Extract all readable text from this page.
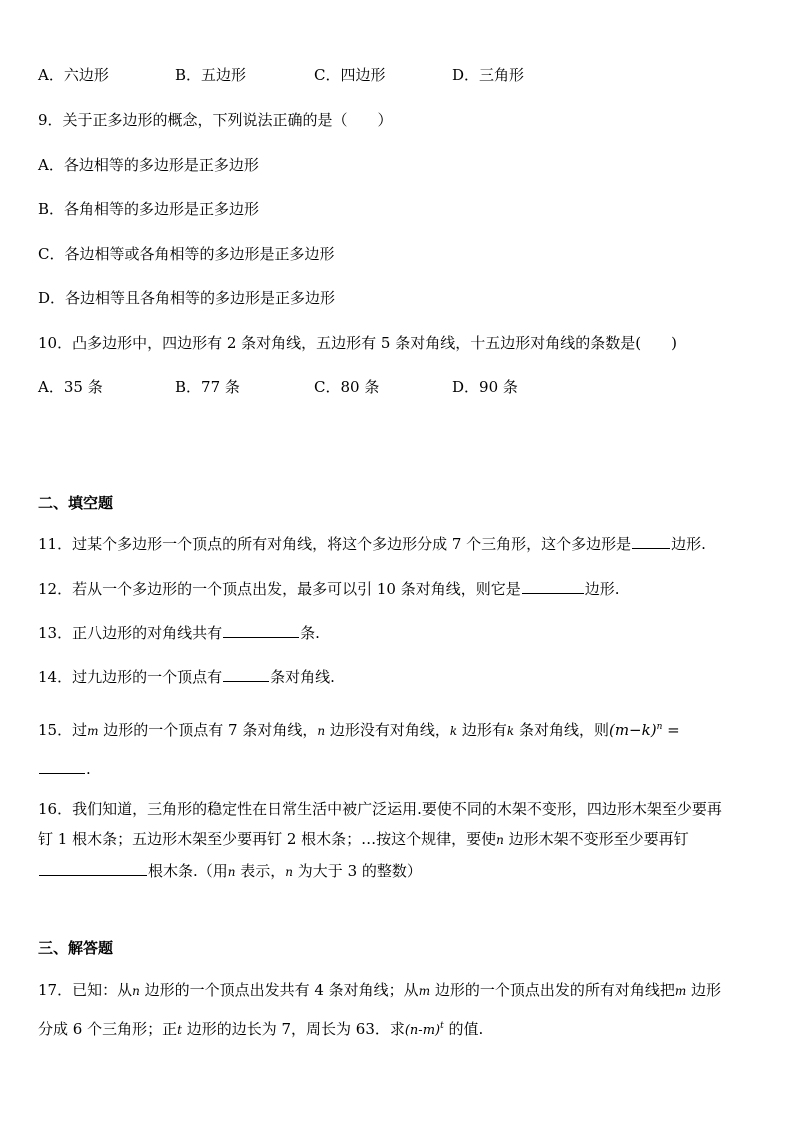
A．六边形	B．五边形	C．四边形	D．三角形
9．关于正多边形的概念，下列说法正确的是（　　）
A．各边相等的多边形是正多边形
B．各角相等的多边形是正多边形
C．各边相等或各角相等的多边形是正多边形
D．各边相等且各角相等的多边形是正多边形
10．凸多边形中，四边形有 2 条对角线，五边形有 5 条对角线，十五边形对角线的条数是(　　)
A．35 条	B．77 条	C．80 条	D．90 条
二、填空题
11．过某个多边形一个顶点的所有对角线，将这个多边形分成 7 个三角形，这个多边形是	边形.
12．若从一个多边形的一个顶点出发，最多可以引 10 条对角线，则它是	边形.
13．正八边形的对角线共有	条.
14．过九边形的一个顶点有	条对角线.
15．过m 边形的一个顶点有 7 条对角线，n 边形没有对角线，k 边形有k 条对角线，则$(m-k)^n$ =
.
16．我们知道，三角形的稳定性在日常生活中被广泛运用.要使不同的木架不变形，四边形木架至少要再
钉 1 根木条；五边形木架至少要再钉 2 根木条；…按这个规律，要使n 边形木架不变形至少要再钉
根木条.（用n 表示，n 为大于 3 的整数）
三、解答题
17．已知：从n 边形的一个顶点出发共有 4 条对角线；从m 边形的一个顶点出发的所有对角线把m 边形
分成 6 个三角形；正t 边形的边长为 7，周长为 63．求$(n-m)^t$ 的值.
